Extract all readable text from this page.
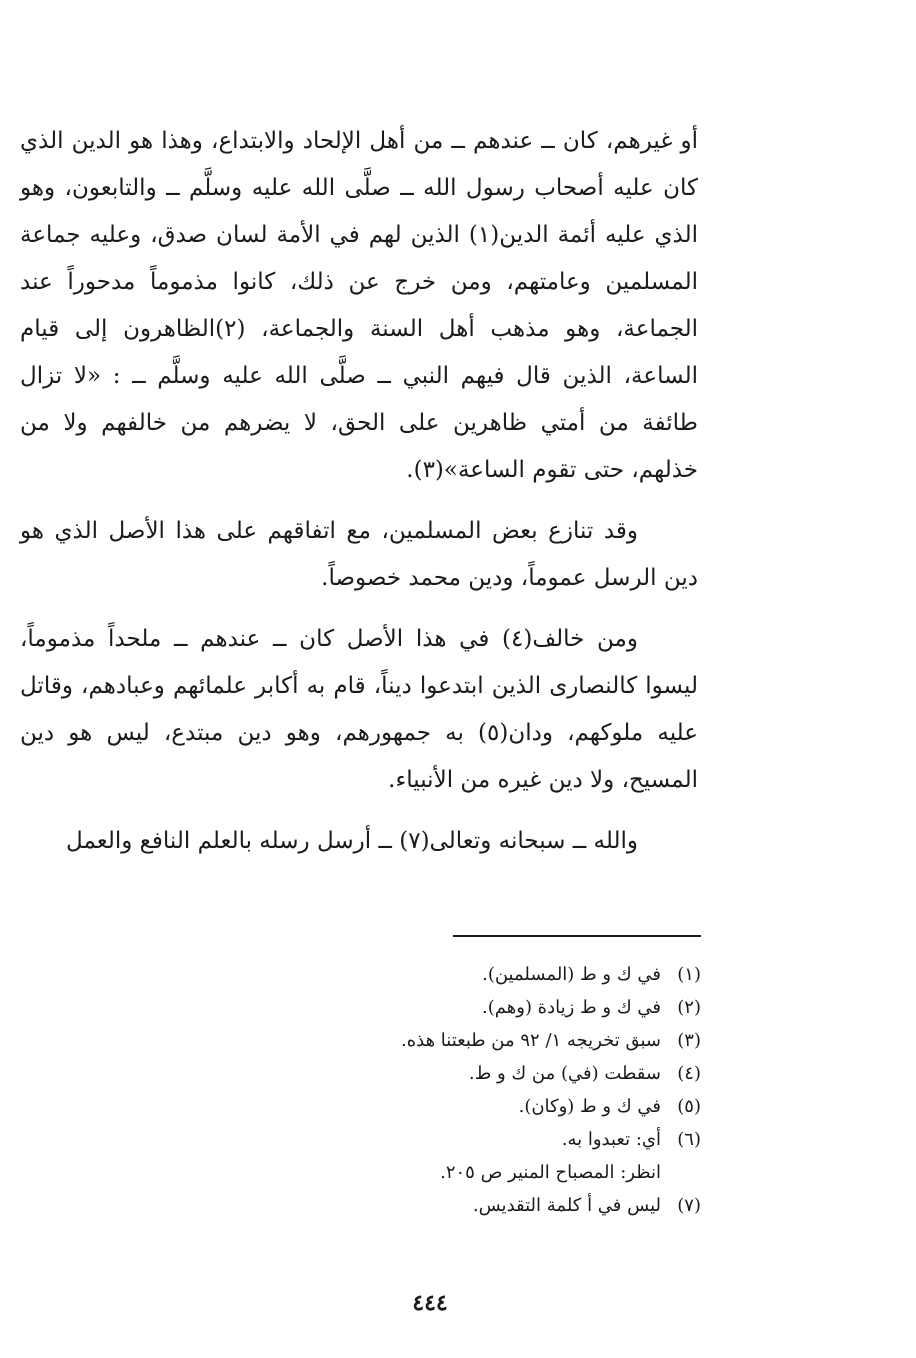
أو غيرهم، كان ــ عندهم ــ من أهل الإلحاد والابتداع، وهذا هو الدين الذي كان عليه أصحاب رسول الله ــ صلَّى الله عليه وسلَّم ــ والتابعون، وهو الذي عليه أئمة الدين(١) الذين لهم في الأمة لسان صدق، وعليه جماعة المسلمين وعامتهم، ومن خرج عن ذلك، كانوا مذموماً مدحوراً عند الجماعة، وهو مذهب أهل السنة والجماعة، (٢)الظاهرون إلى قيام الساعة، الذين قال فيهم النبي ــ صلَّى الله عليه وسلَّم ــ : «لا تزال طائفة من أمتي ظاهرين على الحق، لا يضرهم من خالفهم ولا من خذلهم، حتى تقوم الساعة»(٣).

وقد تنازع بعض المسلمين، مع اتفاقهم على هذا الأصل الذي هو دين الرسل عموماً، ودين محمد خصوصاً.

ومن خالف(٤) في هذا الأصل كان ــ عندهم ــ ملحداً مذموماً، ليسوا كالنصارى الذين ابتدعوا ديناً، قام به أكابر علمائهم وعبادهم، وقاتل عليه ملوكهم، ودان(٥) به جمهورهم، وهو دين مبتدع، ليس هو دين المسيح، ولا دين غيره من الأنبياء.

والله ــ سبحانه وتعالى(٧) ــ أرسل رسله بالعلم النافع والعمل

(١)
في ك و ط (المسلمين).
(٢)
في ك و ط زيادة (وهم).
(٣)
سبق تخريجه ١/ ٩٢ من طبعتنا هذه.
(٤)
سقطت (في) من ك و ط.
(٥)
في ك و ط (وكان).
(٦)
أي: تعبدوا به.
انظر: المصباح المنير ص ٢٠٥.
(٧)
ليس في أ كلمة التقديس.
٤٤٤
